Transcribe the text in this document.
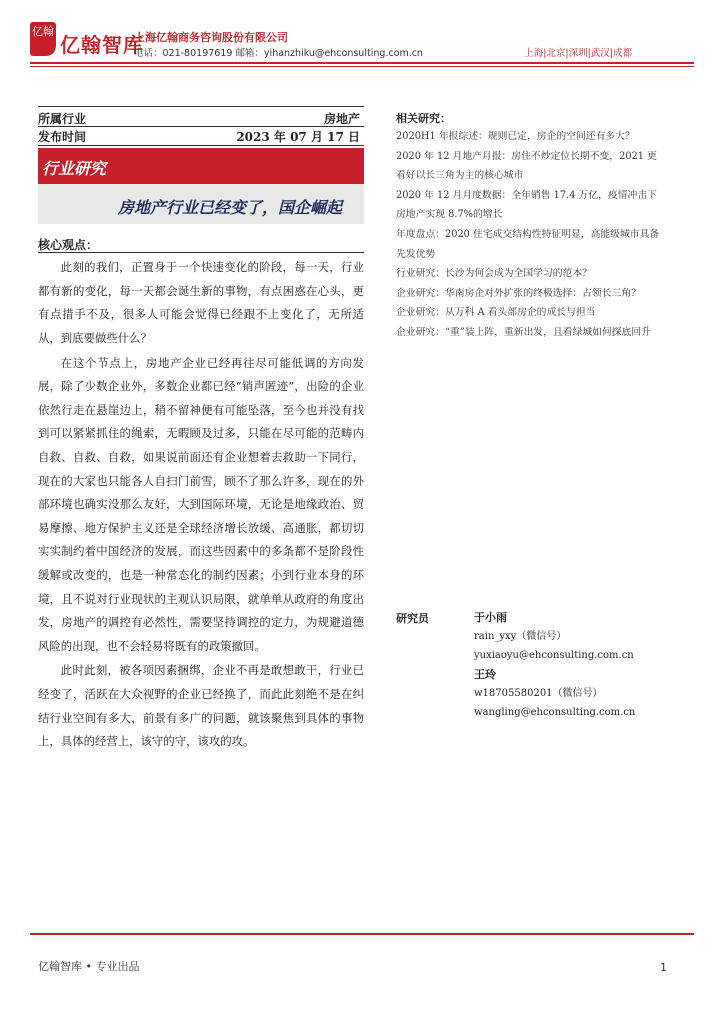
亿翰
亿翰智库
上海亿翰商务咨询股份有限公司
电话：021-80197619 邮箱：yihanzhiku@ehconsulting.com.cn	上海|北京|深圳|武汉|成都
所属行业	房地产
发布时间	2023 年 07 月 17 日
行业研究
房地产行业已经变了，国企崛起
核心观点：

此刻的我们，正置身于一个快速变化的阶段，每一天，行业都有新的变化，每一天都会诞生新的事物，有点困惑在心头，更有点措手不及，很多人可能会觉得已经跟不上变化了，无所适从，到底要做些什么？

在这个节点上，房地产企业已经再往尽可能低调的方向发展，除了少数企业外，多数企业都已经“销声匿迹”，出险的企业依然行走在悬崖边上，稍不留神便有可能坠落，至今也并没有找到可以紧紧抓住的绳索，无暇顾及过多，只能在尽可能的范畴内自救、自救、自救，如果说前面还有企业想着去救助一下同行，现在的大家也只能各人自扫门前雪，顾不了那么许多，现在的外部环境也确实没那么友好，大到国际环境，无论是地缘政治、贸易摩擦、地方保护主义还是全球经济增长放缓、高通胀，都切切实实制约着中国经济的发展，而这些因素中的多条都不是阶段性缓解或改变的，也是一种常态化的制约因素；小到行业本身的环境，且不说对行业现状的主观认识局限，就单单从政府的角度出发，房地产的调控有必然性，需要坚持调控的定力，为规避道德风险的出现，也不会轻易将既有的政策撤回。

此时此刻，被各项因素捆绑，企业不再是敢想敢干，行业已经变了，活跃在大众视野的企业已经换了，而此此刻绝不是在纠结行业空间有多大，前景有多广的问题，就该聚焦到具体的事物上，具体的经营上，该守的守，该攻的攻。

相关研究：
2020H1 年报综述：规则已定，房企的空间还有多大？
2020 年 12 月地产月报：房住不炒定位长期不变，2021 更看好以长三角为主的核心城市
2020 年 12 月月度数据：全年销售 17.4 万亿，疫情冲击下房地产实现 8.7%的增长
年度盘点：2020 住宅成交结构性特征明显，高能级城市具备先发优势
行业研究：长沙为何会成为全国学习的范本？
企业研究：华南房企对外扩张的终极选择：占领长三角？
企业研究：从万科 A 看头部房企的成长与担当
企业研究：“重”装上阵，重新出发，且看绿城如何探底回升
研究员	于小雨
rain_yxy（微信号）
yuxiaoyu@ehconsulting.com.cn
王玲
w18705580201（微信号）
wangling@ehconsulting.com.cn
亿翰智库 • 专业出品	1
